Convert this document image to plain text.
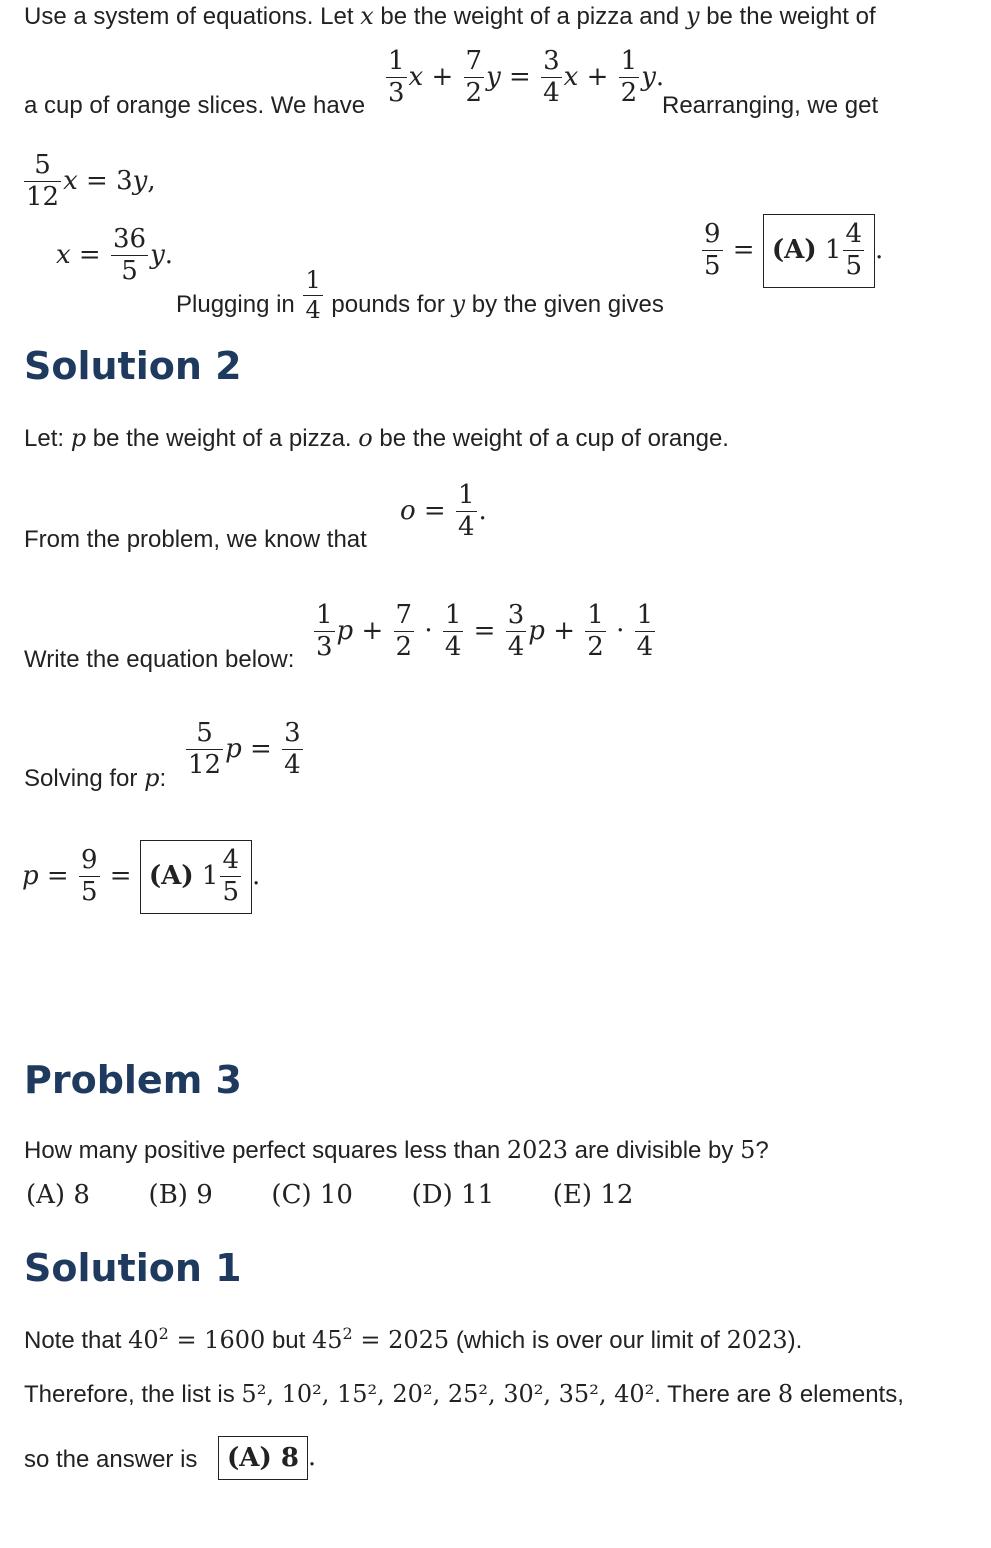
Use a system of equations. Let x be the weight of a pizza and y be the weight of
a cup of orange slices. We have $\frac{1}{3}$ $x + \frac{7}{2}$ $y = \frac{3}{4}$ $x + \frac{1}{2} y$.
Rearranging, we get
$\frac{5}{12}$ x = 3y,
$x = \frac{36}{5} y$.
Plugging in $\frac{1}{4}$ pounds for y by the given gives
$\frac{9}{5} = (A)$ $1 \frac{4}{5}$ .
Solution 2
Let: p be the weight of a pizza. o be the weight of a cup of orange.
From the problem, we know that
$o = \frac{1}{4}$ .
Write the equation below: $\frac{1}{3}$ $p + \frac{7}{2} \cdot \frac{1}{4} = \frac{3}{4}$ $p + \frac{1}{2} \cdot \frac{1}{4}$
Solving for p: $\frac{5}{12}$ $p = \frac{3}{4}$
$p = \frac{9}{5} = (A)$ $1 \frac{4}{5}$ .
Problem 3
How many positive perfect squares less than 2023 are divisible by 5?
(A) 8 (B) 9 (C) 10 (D) 11 (E) 12
Solution 1
Note that $40^2 = 1600$ but $45^2 = 2025$ (which is over our limit of 2023).
Therefore, the list is 5², 10², 15², 20², 25², 30², 35², 40². There are 8 elements,
so the answer is	(A) 8 .
